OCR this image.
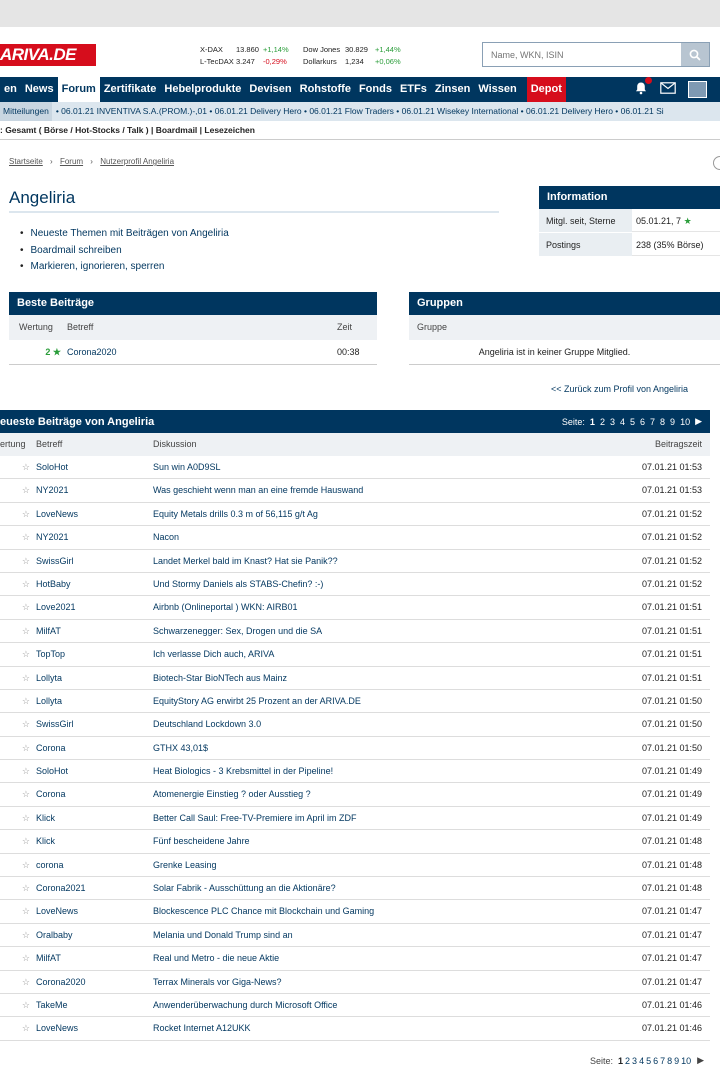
ARIVA.DE	X-DAX 13.860 +1,14%
L-TecDAX 3.247 -0,29%
Dow Jones 30.829 +1,44%
Dollarkurs 1,234 +0,06%
Name, WKN, ISIN
en News Forum Zertifikate Hebelprodukte Devisen Rohstoffe Fonds ETFs Zinsen Wissen	Depot
Mitteilungen • 06.01.21 INVENTIVA S.A.(PROM.)-,01 • 06.01.21 Delivery Hero • 06.01.21 Flow Traders • 06.01.21 Wisekey International • 06.01.21 Delivery Hero • 06.01.21 Si
: Gesamt ( Börse / Hot-Stocks / Talk ) | Boardmail | Lesezeichen
Startseite › Forum › Nutzerprofil Angeliria
Angeliria
• Neueste Themen mit Beiträgen von Angeliria
• Boardmail schreiben
• Markieren, ignorieren, sperren
Information
Mitgl. seit, Sterne	05.01.21, 7 ★
Postings	238 (35% Börse)
Beste Beiträge
Wertung	Betreff	Zeit
2 ★ Corona2020	00:38
Gruppen
Gruppe
Angeliria ist in keiner Gruppe Mitglied.
<< Zurück zum Profil von Angeliria
eueste Beiträge von Angeliria	Seite: 1 2 3 4 5 6 7 8 9 10 ▶
ertung	Betreff	Diskussion	Beitragszeit
☆ SoloHot	Sun win A0D9SL	07.01.21 01:53
☆ NY2021	Was geschieht wenn man an eine fremde Hauswand	07.01.21 01:53
☆ LoveNews	Equity Metals drills 0.3 m of 56,115 g/t Ag	07.01.21 01:52
☆ NY2021	Nacon	07.01.21 01:52
☆ SwissGirl	Landet Merkel bald im Knast? Hat sie Panik??	07.01.21 01:52
☆ HotBaby	Und Stormy Daniels als STABS-Chefin? :-)	07.01.21 01:52
☆ Love2021	Airbnb (Onlineportal ) WKN: AIRB01	07.01.21 01:51
☆ MilfAT	Schwarzenegger: Sex, Drogen und die SA	07.01.21 01:51
☆ TopTop	Ich verlasse Dich auch, ARIVA	07.01.21 01:51
☆ Lollyta	Biotech-Star BioNTech aus Mainz	07.01.21 01:51
☆ Lollyta	EquityStory AG erwirbt 25 Prozent an der ARIVA.DE	07.01.21 01:50
☆ SwissGirl	Deutschland Lockdown 3.0	07.01.21 01:50
☆ Corona	GTHX 43,01$	07.01.21 01:50
☆ SoloHot	Heat Biologics - 3 Krebsmittel in der Pipeline!	07.01.21 01:49
☆ Corona	Atomenergie Einstieg ? oder Ausstieg ?	07.01.21 01:49
☆ Klick	Better Call Saul: Free-TV-Premiere im April im ZDF	07.01.21 01:49
☆ Klick	Fünf bescheidene Jahre	07.01.21 01:48
☆ corona	Grenke Leasing	07.01.21 01:48
☆ Corona2021	Solar Fabrik - Ausschüttung an die Aktionäre?	07.01.21 01:48
☆ LoveNews	Blockescence PLC Chance mit Blockchain und Gaming	07.01.21 01:47
☆ Oralbaby	Melania und Donald Trump sind an	07.01.21 01:47
☆ MilfAT	Real und Metro - die neue Aktie	07.01.21 01:47
☆ Corona2020	Terrax Minerals vor Giga-News?	07.01.21 01:47
☆ TakeMe	Anwenderüberwachung durch Microsoft Office	07.01.21 01:46
☆ LoveNews	Rocket Internet A12UKK	07.01.21 01:46
Seite: 1 2 3 4 5 6 7 8 9 10 ▶
